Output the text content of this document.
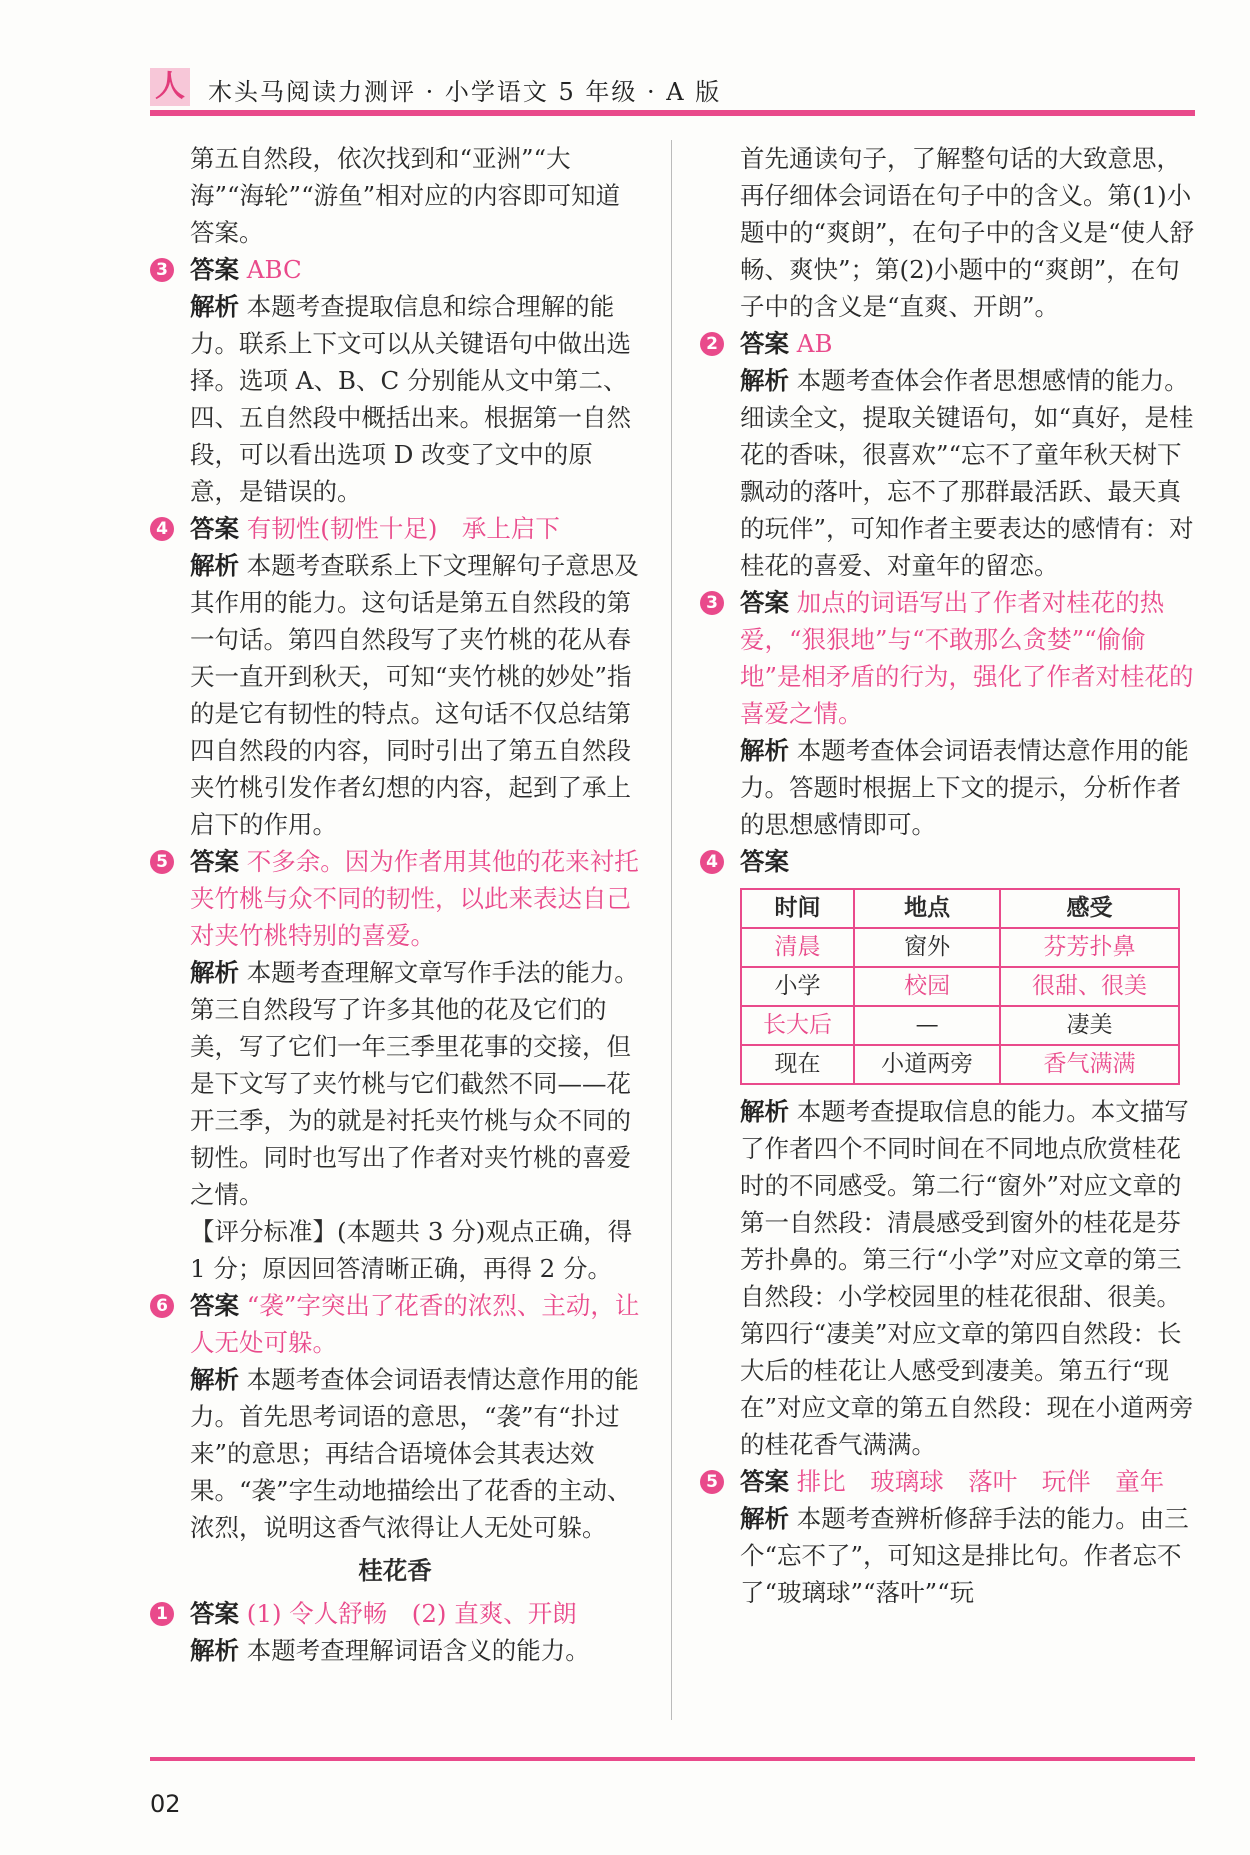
人 木头马阅读力测评 · 小学语文 5 年级 · A 版

第五自然段，依次找到和“亚洲”“大海”“海轮”“游鱼”相对应的内容即可知道答案。

3 答案 ABC
解析 本题考查提取信息和综合理解的能力。联系上下文可以从关键语句中做出选择。选项 A、B、C 分别能从文中第二、四、五自然段中概括出来。根据第一自然段，可以看出选项 D 改变了文中的原意，是错误的。
4 答案 有韧性(韧性十足)　承上启下
解析 本题考查联系上下文理解句子意思及其作用的能力。这句话是第五自然段的第一句话。第四自然段写了夹竹桃的花从春天一直开到秋天，可知“夹竹桃的妙处”指的是它有韧性的特点。这句话不仅总结第四自然段的内容，同时引出了第五自然段夹竹桃引发作者幻想的内容，起到了承上启下的作用。
5 答案 不多余。因为作者用其他的花来衬托夹竹桃与众不同的韧性，以此来表达自己对夹竹桃特别的喜爱。
解析 本题考查理解文章写作手法的能力。第三自然段写了许多其他的花及它们的美，写了它们一年三季里花事的交接，但是下文写了夹竹桃与它们截然不同——花开三季，为的就是衬托夹竹桃与众不同的韧性。同时也写出了作者对夹竹桃的喜爱之情。
【评分标准】(本题共 3 分)观点正确，得 1 分；原因回答清晰正确，再得 2 分。
6 答案 “袭”字突出了花香的浓烈、主动，让人无处可躲。
解析 本题考查体会词语表情达意作用的能力。首先思考词语的意思，“袭”有“扑过来”的意思；再结合语境体会其表达效果。“袭”字生动地描绘出了花香的主动、浓烈，说明这香气浓得让人无处可躲。
桂花香
1 答案 (1) 令人舒畅　(2) 直爽、开朗
解析 本题考查理解词语含义的能力。

首先通读句子，了解整句话的大致意思，再仔细体会词语在句子中的含义。第(1)小题中的“爽朗”，在句子中的含义是“使人舒畅、爽快”；第(2)小题中的“爽朗”，在句子中的含义是“直爽、开朗”。

2 答案 AB
解析 本题考查体会作者思想感情的能力。细读全文，提取关键语句，如“真好，是桂花的香味，很喜欢”“忘不了童年秋天树下飘动的落叶，忘不了那群最活跃、最天真的玩伴”，可知作者主要表达的感情有：对桂花的喜爱、对童年的留恋。
3 答案 加点的词语写出了作者对桂花的热爱，“狠狠地”与“不敢那么贪婪”“偷偷地”是相矛盾的行为，强化了作者对桂花的喜爱之情。
解析 本题考查体会词语表情达意作用的能力。答题时根据上下文的提示，分析作者的思想感情即可。
4 答案
时间	地点	感受
清晨	窗外	芬芳扑鼻
小学	校园	很甜、很美
长大后	—	凄美
现在	小道两旁	香气满满

解析 本题考查提取信息的能力。本文描写了作者四个不同时间在不同地点欣赏桂花时的不同感受。第二行“窗外”对应文章的第一自然段：清晨感受到窗外的桂花是芬芳扑鼻的。第三行“小学”对应文章的第三自然段：小学校园里的桂花很甜、很美。第四行“凄美”对应文章的第四自然段：长大后的桂花让人感受到凄美。第五行“现在”对应文章的第五自然段：现在小道两旁的桂花香气满满。

5 答案 排比　玻璃球　落叶　玩伴　童年
解析 本题考查辨析修辞手法的能力。由三个“忘不了”，可知这是排比句。作者忘不了“玻璃球”“落叶”“玩
02
